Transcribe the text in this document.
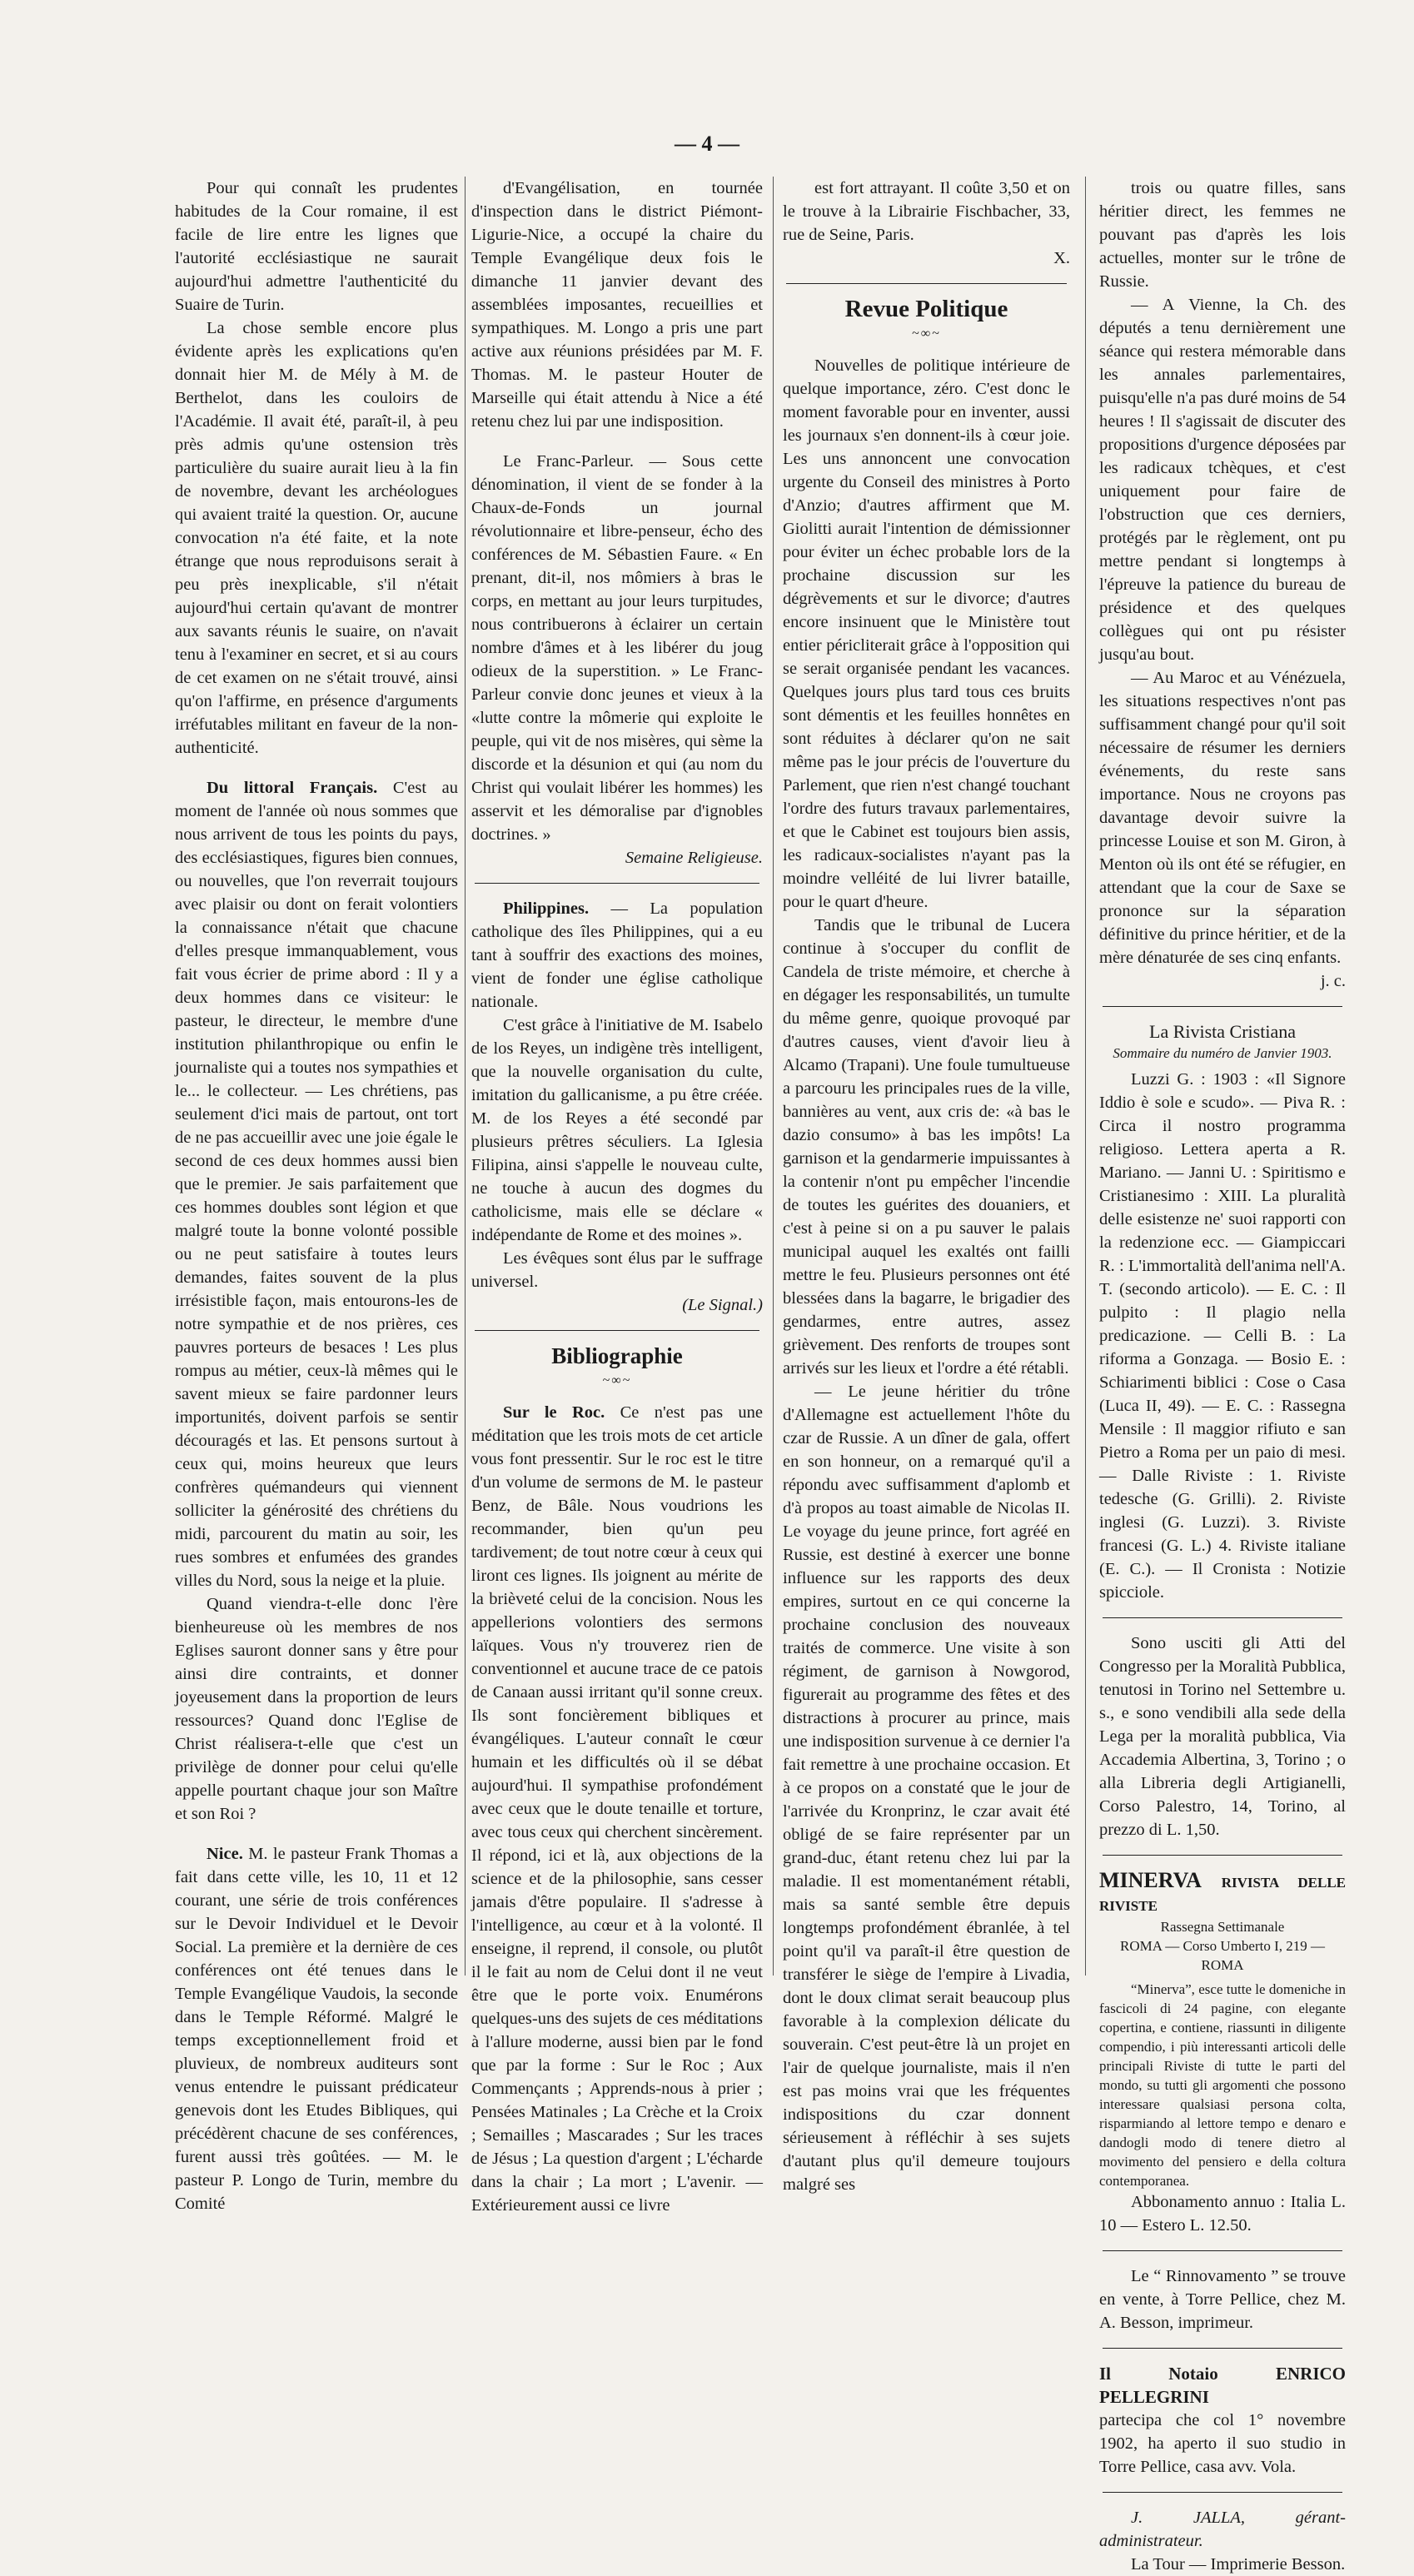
— 4 —

Pour qui connaît les prudentes habitudes de la Cour romaine, il est facile de lire entre les lignes que l'autorité ecclésiastique ne saurait aujourd'hui admettre l'authenticité du Suaire de Turin.

La chose semble encore plus évidente après les explications qu'en donnait hier M. de Mély à M. de Berthelot, dans les couloirs de l'Académie. Il avait été, paraît-il, à peu près admis qu'une ostension très particulière du suaire aurait lieu à la fin de novembre, devant les archéologues qui avaient traité la question. Or, aucune convocation n'a été faite, et la note étrange que nous reproduisons serait à peu près inexplicable, s'il n'était aujourd'hui certain qu'avant de montrer aux savants réunis le suaire, on n'avait tenu à l'examiner en secret, et si au cours de cet examen on ne s'était trouvé, ainsi qu'on l'affirme, en présence d'arguments irréfutables militant en faveur de la non-authenticité.

Du littoral Français. C'est au moment de l'année où nous sommes que nous arrivent de tous les points du pays, des ecclésiastiques, figures bien connues, ou nouvelles, que l'on reverrait toujours avec plaisir ou dont on ferait volontiers la connaissance n'était que chacune d'elles presque immanquablement, vous fait vous écrier de prime abord : Il y a deux hommes dans ce visiteur: le pasteur, le directeur, le membre d'une institution philanthropique ou enfin le journaliste qui a toutes nos sympathies et le... le collecteur. — Les chrétiens, pas seulement d'ici mais de partout, ont tort de ne pas accueillir avec une joie égale le second de ces deux hommes aussi bien que le premier. Je sais parfaitement que ces hommes doubles sont légion et que malgré toute la bonne volonté possible ou ne peut satisfaire à toutes leurs demandes, faites souvent de la plus irrésistible façon, mais entourons-les de notre sympathie et de nos prières, ces pauvres porteurs de besaces ! Les plus rompus au métier, ceux-là mêmes qui le savent mieux se faire pardonner leurs importunités, doivent parfois se sentir découragés et las. Et pensons surtout à ceux qui, moins heureux que leurs confrères quémandeurs qui viennent solliciter la générosité des chrétiens du midi, parcourent du matin au soir, les rues sombres et enfumées des grandes villes du Nord, sous la neige et la pluie.

Quand viendra-t-elle donc l'ère bienheureuse où les membres de nos Eglises sauront donner sans y être pour ainsi dire contraints, et donner joyeusement dans la proportion de leurs ressources? Quand donc l'Eglise de Christ réalisera-t-elle que c'est un privilège de donner pour celui qu'elle appelle pourtant chaque jour son Maître et son Roi ?

Nice. M. le pasteur Frank Thomas a fait dans cette ville, les 10, 11 et 12 courant, une série de trois conférences sur le Devoir Individuel et le Devoir Social. La première et la dernière de ces conférences ont été tenues dans le Temple Evangélique Vaudois, la seconde dans le Temple Réformé. Malgré le temps exceptionnellement froid et pluvieux, de nombreux auditeurs sont venus entendre le puissant prédicateur genevois dont les Etudes Bibliques, qui précédèrent chacune de ses conférences, furent aussi très goûtées. — M. le pasteur P. Longo de Turin, membre du Comité

d'Evangélisation, en tournée d'inspection dans le district Piémont-Ligurie-Nice, a occupé la chaire du Temple Evangélique deux fois le dimanche 11 janvier devant des assemblées imposantes, recueillies et sympathiques. M. Longo a pris une part active aux réunions présidées par M. F. Thomas. M. le pasteur Houter de Marseille qui était attendu à Nice a été retenu chez lui par une indisposition.

Le Franc-Parleur. — Sous cette dénomination, il vient de se fonder à la Chaux-de-Fonds un journal révolutionnaire et libre-penseur, écho des conférences de M. Sébastien Faure. « En prenant, dit-il, nos mômiers à bras le corps, en mettant au jour leurs turpitudes, nous contribuerons à éclairer un certain nombre d'âmes et à les libérer du joug odieux de la superstition. » Le Franc-Parleur convie donc jeunes et vieux à la «lutte contre la mômerie qui exploite le peuple, qui vit de nos misères, qui sème la discorde et la désunion et qui (au nom du Christ qui voulait libérer les hommes) les asservit et les démoralise par d'ignobles doctrines. »

Semaine Religieuse.

Philippines. — La population catholique des îles Philippines, qui a eu tant à souffrir des exactions des moines, vient de fonder une église catholique nationale.

C'est grâce à l'initiative de M. Isabelo de los Reyes, un indigène très intelligent, que la nouvelle organisation du culte, imitation du gallicanisme, a pu être créée. M. de los Reyes a été secondé par plusieurs prêtres séculiers. La Iglesia Filipina, ainsi s'appelle le nouveau culte, ne touche à aucun des dogmes du catholicisme, mais elle se déclare « indépendante de Rome et des moines ».

Les évêques sont élus par le suffrage universel.

(Le Signal.)

Bibliographie
~∞~

Sur le Roc. Ce n'est pas une méditation que les trois mots de cet article vous font pressentir. Sur le roc est le titre d'un volume de sermons de M. le pasteur Benz, de Bâle. Nous voudrions les recommander, bien qu'un peu tardivement; de tout notre cœur à ceux qui liront ces lignes. Ils joignent au mérite de la brièveté celui de la concision. Nous les appellerions volontiers des sermons laïques. Vous n'y trouverez rien de conventionnel et aucune trace de ce patois de Canaan aussi irritant qu'il sonne creux. Ils sont foncièrement bibliques et évangéliques. L'auteur connaît le cœur humain et les difficultés où il se débat aujourd'hui. Il sympathise profondément avec ceux que le doute tenaille et torture, avec tous ceux qui cherchent sincèrement. Il répond, ici et là, aux objections de la science et de la philosophie, sans cesser jamais d'être populaire. Il s'adresse à l'intelligence, au cœur et à la volonté. Il enseigne, il reprend, il console, ou plutôt il le fait au nom de Celui dont il ne veut être que le porte voix. Enumérons quelques-uns des sujets de ces méditations à l'allure moderne, aussi bien par le fond que par la forme : Sur le Roc ; Aux Commençants ; Apprends-nous à prier ; Pensées Matinales ; La Crèche et la Croix ; Semailles ; Mascarades ; Sur les traces de Jésus ; La question d'argent ; L'écharde dans la chair ; La mort ; L'avenir. — Extérieurement aussi ce livre

est fort attrayant. Il coûte 3,50 et on le trouve à la Librairie Fischbacher, 33, rue de Seine, Paris.

X.

Revue Politique
~∞~

Nouvelles de politique intérieure de quelque importance, zéro. C'est donc le moment favorable pour en inventer, aussi les journaux s'en donnent-ils à cœur joie. Les uns annoncent une convocation urgente du Conseil des ministres à Porto d'Anzio; d'autres affirment que M. Giolitti aurait l'intention de démissionner pour éviter un échec probable lors de la prochaine discussion sur les dégrèvements et sur le divorce; d'autres encore insinuent que le Ministère tout entier péricliterait grâce à l'opposition qui se serait organisée pendant les vacances. Quelques jours plus tard tous ces bruits sont démentis et les feuilles honnêtes en sont réduites à déclarer qu'on ne sait même pas le jour précis de l'ouverture du Parlement, que rien n'est changé touchant l'ordre des futurs travaux parlementaires, et que le Cabinet est toujours bien assis, les radicaux-socialistes n'ayant pas la moindre velléité de lui livrer bataille, pour le quart d'heure.

Tandis que le tribunal de Lucera continue à s'occuper du conflit de Candela de triste mémoire, et cherche à en dégager les responsabilités, un tumulte du même genre, quoique provoqué par d'autres causes, vient d'avoir lieu à Alcamo (Trapani). Une foule tumultueuse a parcouru les principales rues de la ville, bannières au vent, aux cris de: «à bas le dazio consumo» à bas les impôts! La garnison et la gendarmerie impuissantes à la contenir n'ont pu empêcher l'incendie de toutes les guérites des douaniers, et c'est à peine si on a pu sauver le palais municipal auquel les exaltés ont failli mettre le feu. Plusieurs personnes ont été blessées dans la bagarre, le brigadier des gendarmes, entre autres, assez grièvement. Des renforts de troupes sont arrivés sur les lieux et l'ordre a été rétabli.

— Le jeune héritier du trône d'Allemagne est actuellement l'hôte du czar de Russie. A un dîner de gala, offert en son honneur, on a remarqué qu'il a répondu avec suffisamment d'aplomb et d'à propos au toast aimable de Nicolas II. Le voyage du jeune prince, fort agréé en Russie, est destiné à exercer une bonne influence sur les rapports des deux empires, surtout en ce qui concerne la prochaine conclusion des nouveaux traités de commerce. Une visite à son régiment, de garnison à Nowgorod, figurerait au programme des fêtes et des distractions à procurer au prince, mais une indisposition survenue à ce dernier l'a fait remettre à une prochaine occasion. Et à ce propos on a constaté que le jour de l'arrivée du Kronprinz, le czar avait été obligé de se faire représenter par un grand-duc, étant retenu chez lui par la maladie. Il est momentanément rétabli, mais sa santé semble être depuis longtemps profondément ébranlée, à tel point qu'il va paraît-il être question de transférer le siège de l'empire à Livadia, dont le doux climat serait beaucoup plus favorable à la complexion délicate du souverain. C'est peut-être là un projet en l'air de quelque journaliste, mais il n'en est pas moins vrai que les fréquentes indispositions du czar donnent sérieusement à réfléchir à ses sujets d'autant plus qu'il demeure toujours malgré ses

trois ou quatre filles, sans héritier direct, les femmes ne pouvant pas d'après les lois actuelles, monter sur le trône de Russie.

— A Vienne, la Ch. des députés a tenu dernièrement une séance qui restera mémorable dans les annales parlementaires, puisqu'elle n'a pas duré moins de 54 heures ! Il s'agissait de discuter des propositions d'urgence déposées par les radicaux tchèques, et c'est uniquement pour faire de l'obstruction que ces derniers, protégés par le règlement, ont pu mettre pendant si longtemps à l'épreuve la patience du bureau de présidence et des quelques collègues qui ont pu résister jusqu'au bout.

— Au Maroc et au Vénézuela, les situations respectives n'ont pas suffisamment changé pour qu'il soit nécessaire de résumer les derniers événements, du reste sans importance. Nous ne croyons pas davantage devoir suivre la princesse Louise et son M. Giron, à Menton où ils ont été se réfugier, en attendant que la cour de Saxe se prononce sur la séparation définitive du prince héritier, et de la mère dénaturée de ses cinq enfants.

j. c.

La Rivista Cristiana
Sommaire du numéro de Janvier 1903.

Luzzi G. : 1903 : «Il Signore Iddio è sole e scudo». — Piva R. : Circa il nostro programma religioso. Lettera aperta a R. Mariano. — Janni U. : Spiritismo e Cristianesimo : XIII. La pluralità delle esistenze ne' suoi rapporti con la redenzione ecc. — Giampiccari R. : L'immortalità dell'anima nell'A. T. (secondo articolo). — E. C. : Il pulpito : Il plagio nella predicazione. — Celli B. : La riforma a Gonzaga. — Bosio E. : Schiarimenti biblici : Cose o Casa (Luca II, 49). — E. C. : Rassegna Mensile : Il maggior rifiuto e san Pietro a Roma per un paio di mesi. — Dalle Riviste : 1. Riviste tedesche (G. Grilli). 2. Riviste inglesi (G. Luzzi). 3. Riviste francesi (G. L.) 4. Riviste italiane (E. C.). — Il Cronista : Notizie spicciole.

Sono usciti gli Atti del Congresso per la Moralità Pubblica, tenutosi in Torino nel Settembre u. s., e sono vendibili alla sede della Lega per la moralità pubblica, Via Accademia Albertina, 3, Torino ; o alla Libreria degli Artigianelli, Corso Palestro, 14, Torino, al prezzo di L. 1,50.

MINERVA RIVISTA DELLE RIVISTE
Rassegna Settimanale
ROMA — Corso Umberto I, 219 — ROMA

“Minerva”, esce tutte le domeniche in fascicoli di 24 pagine, con elegante copertina, e contiene, riassunti in diligente compendio, i più interessanti articoli delle principali Riviste di tutte le parti del mondo, su tutti gli argomenti che possono interessare qualsiasi persona colta, risparmiando al lettore tempo e denaro e dandogli modo di tenere dietro al movimento del pensiero e della coltura contemporanea.

Abbonamento annuo : Italia L. 10 — Estero L. 12.50.

Le “ Rinnovamento ” se trouve en vente, à Torre Pellice, chez M. A. Besson, imprimeur.

Il Notaio ENRICO PELLEGRINI

partecipa che col 1° novembre 1902, ha aperto il suo studio in Torre Pellice, casa avv. Vola.

J. JALLA, gérant-administrateur.

La Tour — Imprimerie Besson.
